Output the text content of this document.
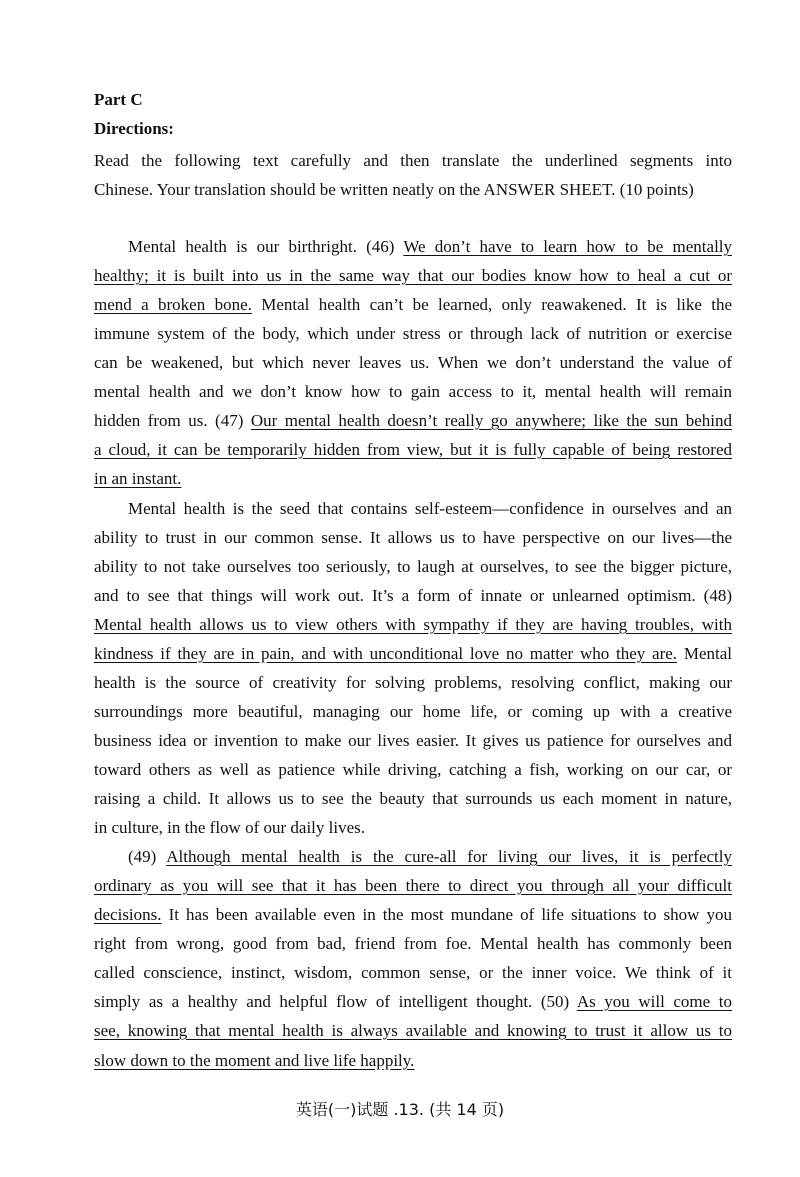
Part C
Directions:
Read the following text carefully and then translate the underlined segments into
Chinese. Your translation should be written neatly on the ANSWER SHEET. (10 points)
Mental health is our birthright. (46) We don’t have to learn how to be mentally
healthy; it is built into us in the same way that our bodies know how to heal a cut or
mend a broken bone. Mental health can’t be learned, only reawakened. It is like the
immune system of the body, which under stress or through lack of nutrition or exercise
can be weakened, but which never leaves us. When we don’t understand the value of
mental health and we don’t know how to gain access to it, mental health will remain
hidden from us. (47) Our mental health doesn’t really go anywhere; like the sun behind
a cloud, it can be temporarily hidden from view, but it is fully capable of being restored
in an instant.
Mental health is the seed that contains self-esteem—confidence in ourselves and an
ability to trust in our common sense. It allows us to have perspective on our lives—the
ability to not take ourselves too seriously, to laugh at ourselves, to see the bigger picture,
and to see that things will work out. It’s a form of innate or unlearned optimism. (48)
Mental health allows us to view others with sympathy if they are having troubles, with
kindness if they are in pain, and with unconditional love no matter who they are. Mental
health is the source of creativity for solving problems, resolving conflict, making our
surroundings more beautiful, managing our home life, or coming up with a creative
business idea or invention to make our lives easier. It gives us patience for ourselves and
toward others as well as patience while driving, catching a fish, working on our car, or
raising a child. It allows us to see the beauty that surrounds us each moment in nature,
in culture, in the flow of our daily lives.
(49) Although mental health is the cure-all for living our lives, it is perfectly
ordinary as you will see that it has been there to direct you through all your difficult
decisions. It has been available even in the most mundane of life situations to show you
right from wrong, good from bad, friend from foe. Mental health has commonly been
called conscience, instinct, wisdom, common sense, or the inner voice. We think of it
simply as a healthy and helpful flow of intelligent thought. (50) As you will come to
see, knowing that mental health is always available and knowing to trust it allow us to
slow down to the moment and live life happily.
英语(一)试题 .13. (共 14 页)
